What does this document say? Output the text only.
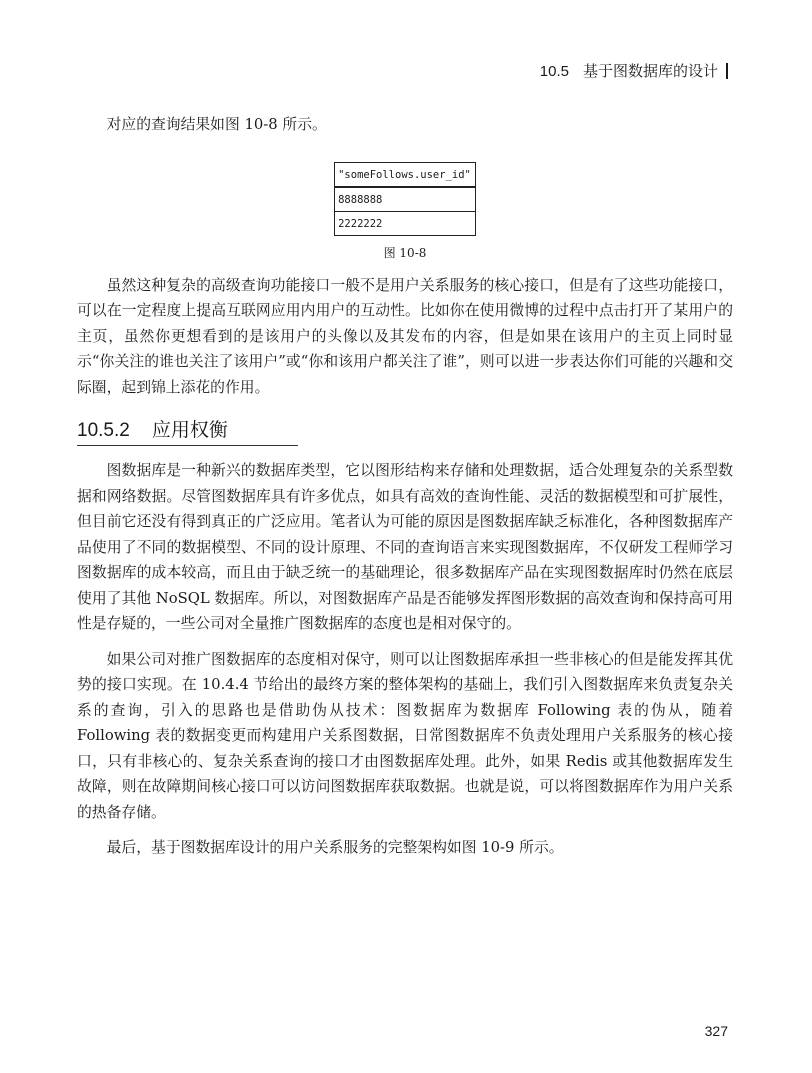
10.5 基于图数据库的设计

对应的查询结果如图 10-8 所示。

"someFollows.user_id"
8888888
2222222
图 10-8

虽然这种复杂的高级查询功能接口一般不是用户关系服务的核心接口，但是有了这些功能接口，可以在一定程度上提高互联网应用内用户的互动性。比如你在使用微博的过程中点击打开了某用户的主页，虽然你更想看到的是该用户的头像以及其发布的内容，但是如果在该用户的主页上同时显示“你关注的谁也关注了该用户”或“你和该用户都关注了谁”，则可以进一步表达你们可能的兴趣和交际圈，起到锦上添花的作用。

10.5.2 应用权衡

图数据库是一种新兴的数据库类型，它以图形结构来存储和处理数据，适合处理复杂的关系型数据和网络数据。尽管图数据库具有许多优点，如具有高效的查询性能、灵活的数据模型和可扩展性，但目前它还没有得到真正的广泛应用。笔者认为可能的原因是图数据库缺乏标准化，各种图数据库产品使用了不同的数据模型、不同的设计原理、不同的查询语言来实现图数据库，不仅研发工程师学习图数据库的成本较高，而且由于缺乏统一的基础理论，很多数据库产品在实现图数据库时仍然在底层使用了其他 NoSQL 数据库。所以，对图数据库产品是否能够发挥图形数据的高效查询和保持高可用性是存疑的，一些公司对全量推广图数据库的态度也是相对保守的。

如果公司对推广图数据库的态度相对保守，则可以让图数据库承担一些非核心的但是能发挥其优势的接口实现。在 10.4.4 节给出的最终方案的整体架构的基础上，我们引入图数据库来负责复杂关系的查询，引入的思路也是借助伪从技术：图数据库为数据库 Following 表的伪从，随着 Following 表的数据变更而构建用户关系图数据，日常图数据库不负责处理用户关系服务的核心接口，只有非核心的、复杂关系查询的接口才由图数据库处理。此外，如果 Redis 或其他数据库发生故障，则在故障期间核心接口可以访问图数据库获取数据。也就是说，可以将图数据库作为用户关系的热备存储。

最后，基于图数据库设计的用户关系服务的完整架构如图 10-9 所示。

327
